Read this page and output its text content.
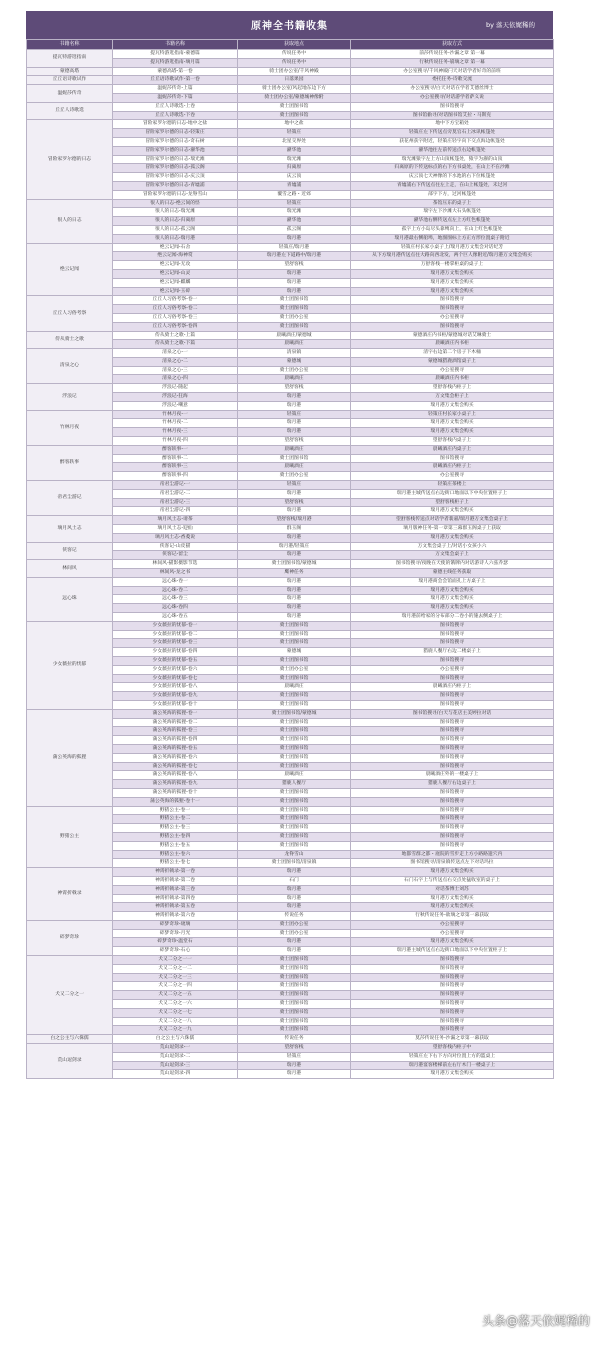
原神全书籍收集	by 落天依娓稀的
书籍名称	书籍名称	获取地点	获取方式
提瓦特游逛指南	提瓦特游逛指南-蒙德篇	传说任务中	前莎传说任务-沙漏之章 第一幕
	提瓦特游逛指南-璃月篇	传说任务中	行秋传说任务-崩璃之章 第一幕
蒙德高塔	蒙德高塔-第一卷	骑士团办公室/千风神殿	办公室搜寻/千风神殿闩天对话学者好奇的前班
丘丘语诗歌试作	丘丘语诗歌试作-第一卷	日落果园	委托任务-诗歌交流
温妮莎传奇	温妮莎传奇-上篇	骑士团办公室/风起地东边下方	办公室搜寻/白天对话在学者艾德丝博士
	温妮莎传奇-下篇	骑士团办公室/蒙德城神像附	办公室搜寻/对话游学者萨义说
丘丘人诗歌选	丘丘人诗歌选-上卷	骑士团图书馆	图书馆搜寻
	丘丘人诗歌选-下卷	骑士团图书馆	图书馆偷寻/对话图书馆艾拉・马斯克
冒险家罗尔德的日志	冒险家罗尔德的日志-地中之盐	地中之盐	地中下方宝箱处
	冒险家罗尔德的日志-轻策庄	轻策庄	轻策庄左下传送点旁莫官石上冰讯帐篷处
	冒险家罗尔德的日志-奇石树	北星交界处	获花州获字附近，轻策庄轻字向下交点海边帐篷处
	冒险家罗尔德的日志-濯华池	濯华池	濯华池往左前传送点右边帐篷处
	冒险家罗尔德的日志-瑞光滩	瑞光滩	瑞光滩猿字左上方山顶帐篷处，猿字为濯的山顶
	冒险家罗尔德的日志-孤云阁	归离原	归离原的下传送标点的右下方书桌处，在山上不在沙滩
	冒险家罗尔德的日志-庆云顶	庆云顶	庆云顶七天神像的下水池的右下位帐篷处
	冒险家罗尔德的日志-青墟浦	青墟浦	青墟浦右下传送点往左上走，在山上帐篷处，未过河
	冒险家罗尔德的日志-龙脊雪山	覆雪之路・近郊	部字下方，过河帐篷处
很人的日志	很人的日志-绝云间的怪	轻策庄	茶馆压东的桌子上
	很人的日志-瑞光滩	瑞光滩	瑞字左下沙滩大石头帐篷处
	很人的日志-归离原	濯华池	濯华池右侧传送点左上方红色帐篷处
	很人的日志-孤云阁	孤云阁	孤字上方小岛尽头靠缚向上，在山上红色帐篷处
	很人的日志-瑞月港	瑞月港	瑞月港最右侧船埠，地图图标上方正方形位置桌子附近
绝云记闻	绝云记闻-石舍	轻策庄/瑞月港	轻策庄村长家小桌子上/瑞月港万文集会对话纪芳
	绝云记闻-海神赏	瑞月港左下道路中/瑞月港	从下方瑞月港传送点往大路向西北发，两个巨人像附近/瑞月港万文集会购买
	绝云记闻-无攻	望舒客栈	万舒客栈一楼掌柜桌的桌子上
	绝云记闻-山灵	瑞月港	瑞月港万文集会购买
	绝云记闻-麒麟	瑞月港	瑞月港万文集会购买
	绝云记闻-玉碎	瑞月港	瑞月港万文集会购买
丘丘人习俗考察	丘丘人习俗考察-卷一	骑士团图书馆	图书馆搜寻
	丘丘人习俗考察-卷二	骑士团图书馆	图书馆搜寻
	丘丘人习俗考察-卷三	骑士团办公室	办公室搜寻
	丘丘人习俗考察-卷四	骑士团图书馆	图书馆搜寻
侍从骑士之歌	侍从骑士之歌-上篇	晨曦酒庄/蒙德城	蒙德酒庄内书柜/蒙德城对话艾琳骑士
	侍从骑士之歌-下篇	晨曦酒庄	晨曦酒庄内书柜
清泉之心	清泉之心-一	清泉镇	清字右边第二个房子下木桶
	清泉之心-二	蒙德城	蒙德城猎鹿酒馆桌子上
	清泉之心-三	骑士团办公室	办公室搜寻
	清泉之心-四	晨曦酒庄	晨曦酒庄内书柜
浮浪记	浮浪记-随起	望舒客栈	望舒客栈内柜子上
	浮浪记-狂海	瑞月港	万文集会柜子上
	浮浪记-嘲意	瑞月港	瑞月港万文集会购买
竹林月夜	竹林月夜-一	轻策庄	轻策庄村长家小桌子上
	竹林月夜-二	瑞月港	瑞月港万文集会购买
	竹林月夜-三	瑞月港	瑞月港万文集会购买
	竹林月夜-四	望舒客栈	望舒客栈内桌子上
醉客轶事	醉客轶事-一	晨曦酒庄	晨曦酒庄内桌子上
	醉客轶事-二	骑士团图书馆	图书馆搜寻
	醉客轶事-三	晨曦酒庄	晨曦酒庄内柜子上
	醉客轶事-四	骑士团办公室	办公室搜寻
帝君尘游记	帝君尘游记-一	轻策庄	轻策庄茶楼上
	帝君尘游记-二	瑞月港	瑞月港主城传送点右边街口地面以下中央位置柜子上
	帝君尘游记-三	望舒客栈	望舒客栈柜子上
	帝君尘游记-四	瑞月港	瑞月港万文集会购买
璃月风土志	璃月风土志-请茶	望舒客栈/瑞月港	望舒客栈传送点对话学者裴嘉/瑞月港万文集会桌子上
	璃月风土志-迎仙	群玉阁	璃月版神任务-第一章第三幕群玉阁桌子上获取
	璃月风土志-香菱说	瑞月港	瑞月港万文集会购买
侠客记	侠客记-山皮猫	瑞月港/轻策庄	万文集会桌子上/对话小女孩小六
	侠客记-留尘	瑞月港	万文集会桌子上
林间风	林间风-猫影摄影节选	骑士团图书馆/蒙德城	图书馆搜寻/夜晚在天使的饿牌内对话游诗人六弦乔瑟
	林间风-龙之书	鹰神任务	蒙德主线任务获取
远心珠	远心珠-卷一	瑞月港	瑞月港商会会馆面孔上方桌子上
	远心珠-卷二	瑞月港	瑞月港万文集会购买
	远心珠-卷三	瑞月港	瑞月港万文集会购买
	远心珠-卷四	瑞月港	瑞月港万文集会购买
	远心珠-卷五	瑞月港	瑞月港前给家的分布部分二卷小的施去侧桌子上
少女薇拉的忧郁	少女薇拉的忧郁-卷一	骑士团图书馆	图书馆搜寻
	少女薇拉的忧郁-卷二	骑士团图书馆	图书馆搜寻
	少女薇拉的忧郁-卷三	骑士团图书馆	图书馆搜寻
	少女薇拉的忧郁-卷四	蒙德城	猎鹿人餐厅右边二楼桌子上
	少女薇拉的忧郁-卷五	骑士团图书馆	图书馆搜寻
	少女薇拉的忧郁-卷六	骑士团办公室	办公室搜寻
	少女薇拉的忧郁-卷七	骑士团图书馆	图书馆搜寻
	少女薇拉的忧郁-卷八	晨曦酒庄	晨曦酒庄内柜子上
	少女薇拉的忧郁-卷九	骑士团图书馆	图书馆搜寻
	少女薇拉的忧郁-卷十	骑士团图书馆	图书馆搜寻
蒲公英海的狐狸	蒲公英海的狐狸-卷一	骑士团图书馆/蒙德城	图书馆搜寻/白天与花店主美婷拉对话
	蒲公英海的狐狸-卷二	骑士团图书馆	图书馆搜寻
	蒲公英海的狐狸-卷三	骑士团图书馆	图书馆搜寻
	蒲公英海的狐狸-卷四	骑士团图书馆	图书馆搜寻
	蒲公英海的狐狸-卷五	骑士团图书馆	图书馆搜寻
	蒲公英海的狐狸-卷六	骑士团图书馆	图书馆搜寻
	蒲公英海的狐狸-卷七	骑士团图书馆	图书馆搜寻
	蒲公英海的狐狸-卷八	晨曦酒庄	晨曦酒庄外的一楼桌子上
	蒲公英海的狐狸-卷九	猎鹿人餐厅	猎鹿人餐厅右边桌子上
	蒲公英海的狐狸-卷十	骑士团图书馆	图书馆搜寻
	蒲公英海的狐狸-卷十一	骑士团图书馆	图书馆搜寻
野猪公主	野猪公主-卷一	骑士团图书馆	图书馆搜寻
	野猪公主-卷二	骑士团图书馆	图书馆搜寻
	野猪公主-卷三	骑士团图书馆	图书馆搜寻
	野猪公主-卷四	骑士团图书馆	图书馆搜寻
	野猪公主-卷五	骑士团图书馆	图书馆搜寻
	野猪公主-卷六	龙脊雪山	地都雪群之都・庭院的雪步走上方小路路遗穴内
	野猪公主-卷七	骑士团图书馆/清泉镇	图书馆搜寻/清泉镇传送点左下对话玛拉
神霄折戟录	神霄折戟录-第一卷	瑞月港	瑞月港万文集会购买
	神霄折戟录-第二卷	石门	石门石字上与传送点右交点处猛收室的桌子上
	神霄折戟录-第三卷	瑞月港	对话茶博士刘苏
	神霄折戟录-第四卷	瑞月港	瑞月港万文集会购买
	神霄折戟录-第五卷	瑞月港	瑞月港万文集会购买
	神霄折戟录-第六卷	传说任务	行秋传说任务-欲璃之章第一幕获取
碎梦奇珍	碎梦奇珍-琉璃	骑士团办公室	办公室搜寻
	碎梦奇珍-月光	骑士团办公室	办公室搜寻
	碎梦奇珍-温堂石	瑞月港	瑞月港万文集会购买
	碎梦奇珍-石心	瑞月港	瑞月港主城传送点右边街口地面以下中央位置柜子上
犬又二分之一	犬又二分之一一	骑士团图书馆	图书馆搜寻
	犬又二分之一二	骑士团图书馆	图书馆搜寻
	犬又二分之一三	骑士团图书馆	图书馆搜寻
	犬又二分之一四	骑士团图书馆	图书馆搜寻
	犬又二分之一五	骑士团图书馆	图书馆搜寻
	犬又二分之一六	骑士团图书馆	图书馆搜寻
	犬又二分之一七	骑士团图书馆	图书馆搜寻
	犬又二分之一八	骑士团图书馆	图书馆搜寻
	犬又二分之一九	骑士团图书馆	图书馆搜寻
白之公主与六侏儒	白之公主与六侏儒	传说任务	莫莎传说任务-沙漏之章第一幕获取
荒山逗剑录	荒山逗剑录-一	望舒客栈	望舒客栈内柜子中
	荒山逗剑录-二	轻策庄	轻策庄左下右下方向对位置上方的篮桌上
	荒山逗剑录-三	瑞月港	瑞月港宴客楼梯前左右厅木门一楼桌子上
	荒山逗剑录-四	瑞月港	瑞月港万文集会购买
头条@落天依娓稀的
